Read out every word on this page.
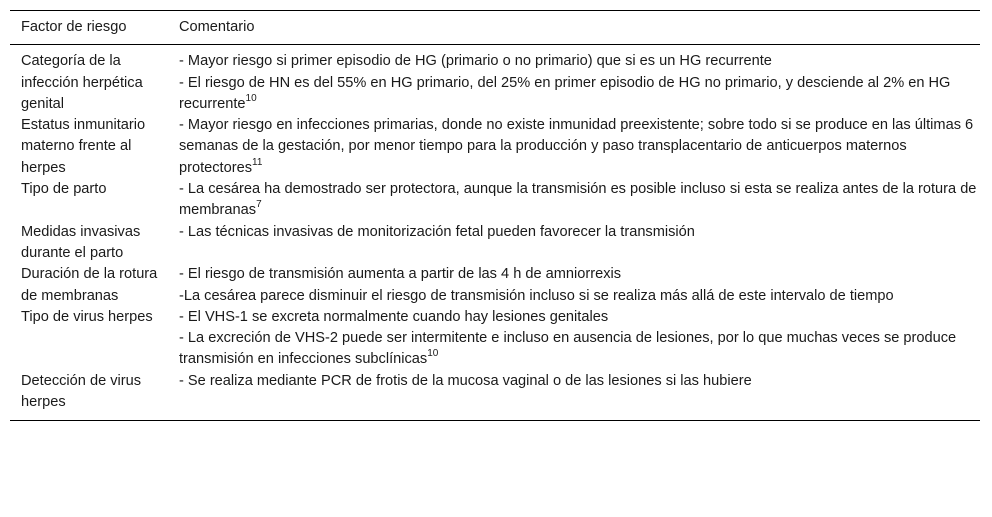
Factor de riesgo	Comentario
Categoría de la infección herpética genital	- Mayor riesgo si primer episodio de HG (primario o no primario) que si es un HG recurrente
- El riesgo de HN es del 55% en HG primario, del 25% en primer episodio de HG no primario, y desciende al 2% en HG recurrente$^{10}$

Estatus inmunitario materno frente al herpes	- Mayor riesgo en infecciones primarias, donde no existe inmunidad preexistente; sobre todo si se produce en las últimas 6 semanas de la gestación, por menor tiempo para la producción y paso transplacentario de anticuerpos maternos protectores$^{11}$

Tipo de parto	- La cesárea ha demostrado ser protectora, aunque la transmisión es posible incluso si esta se realiza antes de la rotura de membranas$^7$

Medidas invasivas durante el parto	- Las técnicas invasivas de monitorización fetal pueden favorecer la transmisión

Duración de la rotura de membranas	- El riesgo de transmisión aumenta a partir de las 4 h de amniorrexis
-La cesárea parece disminuir el riesgo de transmisión incluso si se realiza más allá de este intervalo de tiempo

Tipo de virus herpes	- El VHS-1 se excreta normalmente cuando hay lesiones genitales
- La excreción de VHS-2 puede ser intermitente e incluso en ausencia de lesiones, por lo que muchas veces se produce transmisión en infecciones subclínicas$^{10}$

Detección de virus herpes	- Se realiza mediante PCR de frotis de la mucosa vaginal o de las lesiones si las hubiere
